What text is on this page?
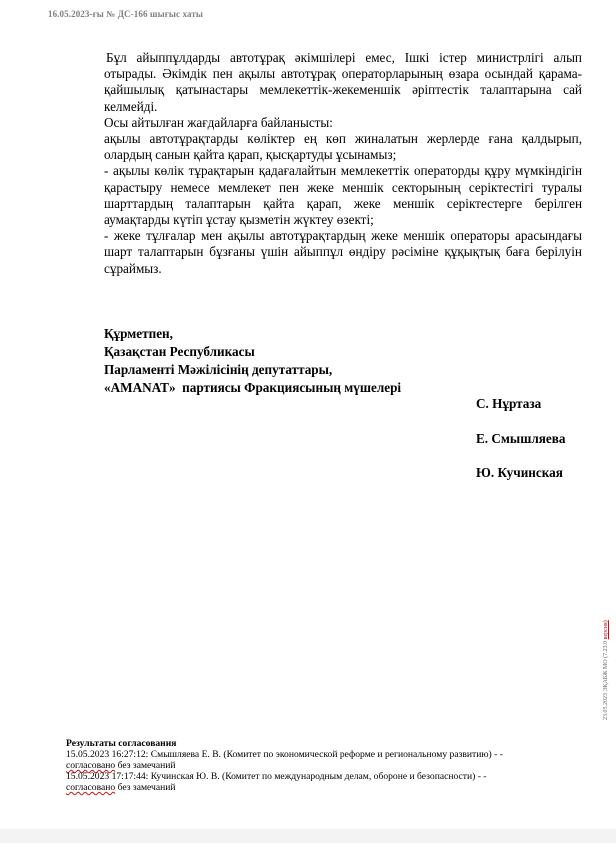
16.05.2023-ғы № ДС-166 шығыс хаты

Бұл айыппұлдарды автотұрақ әкімшілері емес, Ішкі істер министрлігі алып отырады. Әкімдік пен ақылы автотұрақ операторларының өзара осындай қарама-қайшылық қатынастары мемлекеттік-жекеменшік әріптестік талаптарына сай келмейді.

Осы айтылған жағдайларға байланысты:

ақылы автотұрақтарды көліктер ең көп жиналатын жерлерде ғана қалдырып, олардың санын қайта қарап, қысқартуды ұсынамыз;

- ақылы көлік тұрақтарын қадағалайтын мемлекеттік операторды құру мүмкіндігін қарастыру немесе мемлекет пен жеке меншік секторының серіктестігі туралы шарттардың талаптарын қайта қарап, жеке меншік серіктестерге берілген аумақтарды күтіп ұстау қызметін жүктеу өзекті;

- жеке тұлғалар мен ақылы автотұрақтардың жеке меншік операторы арасындағы шарт талаптарын бұзғаны үшін айыппұл өндіру рәсіміне құқықтық баға берілуін сұраймыз.

Құрметпен,
Қазақстан Республикасы
Парламенті Мәжілісінің депутаттары,
«AMANAT»  партиясы Фракциясының мүшелері
С. Нұртаза
Е. Смышляева
Ю. Кучинская
23.05.2023 ЭҚАБЖ МО (7.23.0 версия)
Результаты согласования
15.05.2023 16:27:12: Смышляева Е. В. (Комитет по экономической реформе и региональному развитию) - -
согласовано без замечаний
15.05.2023 17:17:44: Кучинская Ю. В. (Комитет по международным делам, обороне и безопасности) - -
согласовано без замечаний
